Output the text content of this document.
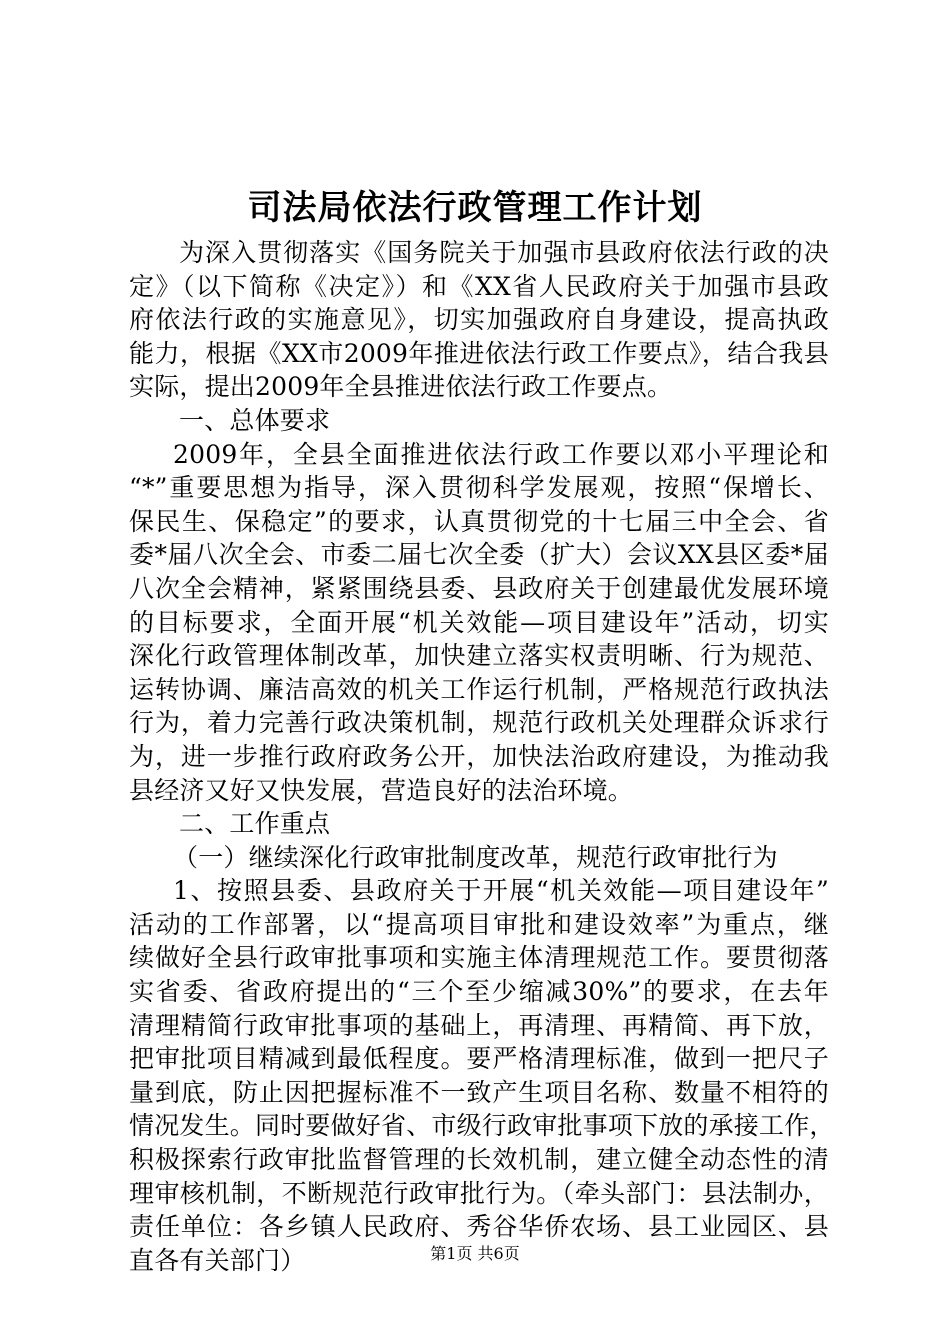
司法局依法行政管理工作计划
为深入贯彻落实《国务院关于加强市县政府依法行政的决
定》（以下简称《决定》）和《XX省人民政府关于加强市县政
府依法行政的实施意见》，切实加强政府自身建设，提高执政
能力，根据《XX市2009年推进依法行政工作要点》，结合我县
实际，提出2009年全县推进依法行政工作要点。
一、总体要求
2009年，全县全面推进依法行政工作要以邓小平理论和
“*”重要思想为指导，深入贯彻科学发展观，按照“保增长、
保民生、保稳定”的要求，认真贯彻党的十七届三中全会、省
委*届八次全会、市委二届七次全委（扩大）会议XX县区委*届
八次全会精神，紧紧围绕县委、县政府关于创建最优发展环境
的目标要求，全面开展“机关效能—项目建设年”活动，切实
深化行政管理体制改革，加快建立落实权责明晰、行为规范、
运转协调、廉洁高效的机关工作运行机制，严格规范行政执法
行为，着力完善行政决策机制，规范行政机关处理群众诉求行
为，进一步推行政府政务公开，加快法治政府建设，为推动我
县经济又好又快发展，营造良好的法治环境。
二、工作重点
（一）继续深化行政审批制度改革，规范行政审批行为
1、按照县委、县政府关于开展“机关效能—项目建设年”
活动的工作部署，以“提高项目审批和建设效率”为重点，继
续做好全县行政审批事项和实施主体清理规范工作。要贯彻落
实省委、省政府提出的“三个至少缩减30%”的要求，在去年
清理精简行政审批事项的基础上，再清理、再精简、再下放，
把审批项目精减到最低程度。要严格清理标准，做到一把尺子
量到底，防止因把握标准不一致产生项目名称、数量不相符的
情况发生。同时要做好省、市级行政审批事项下放的承接工作，
积极探索行政审批监督管理的长效机制，建立健全动态性的清
理审核机制，不断规范行政审批行为。（牵头部门：县法制办，
责任单位：各乡镇人民政府、秀谷华侨农场、县工业园区、县
直各有关部门）	第1页 共6页
